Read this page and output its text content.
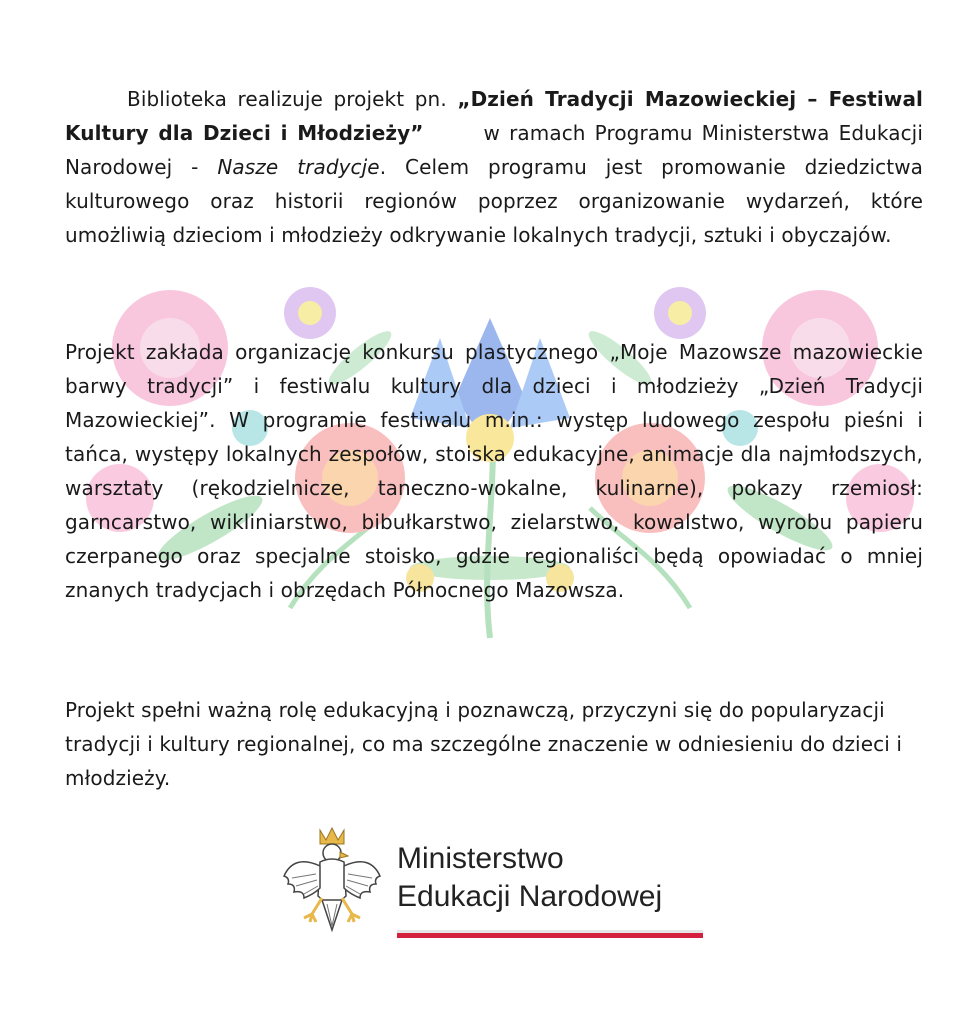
Biblioteka realizuje projekt pn. „Dzień Tradycji Mazowieckiej – Festiwal Kultury dla Dzieci i Młodzieży”	w ramach Programu Ministerstwa Edukacji Narodowej - Nasze tradycje. Celem programu jest promowanie dziedzictwa kulturowego oraz historii regionów poprzez organizowanie wydarzeń, które umożliwią dzieciom i młodzieży odkrywanie lokalnych tradycji, sztuki i obyczajów.
Projekt zakłada organizację konkursu plastycznego „Moje Mazowsze mazowieckie barwy tradycji” i festiwalu kultury dla dzieci i młodzieży „Dzień Tradycji Mazowieckiej”. W programie festiwalu m.in.: występ ludowego zespołu pieśni i tańca, występy lokalnych zespołów, stoiska edukacyjne, animacje dla najmłodszych, warsztaty (rękodzielnicze, taneczno-wokalne, kulinarne), pokazy rzemiosł: garncarstwo, wikliniarstwo, bibułkarstwo, zielarstwo, kowalstwo, wyrobu papieru czerpanego oraz specjalne stoisko, gdzie regionaliści będą opowiadać o mniej znanych tradycjach i obrzędach Północnego Mazowsza.
Projekt spełni ważną rolę edukacyjną i poznawczą, przyczyni się do popularyzacji tradycji i kultury regionalnej, co ma szczególne znaczenie w odniesieniu do dzieci i młodzieży.
Ministerstwo
Edukacji Narodowej
